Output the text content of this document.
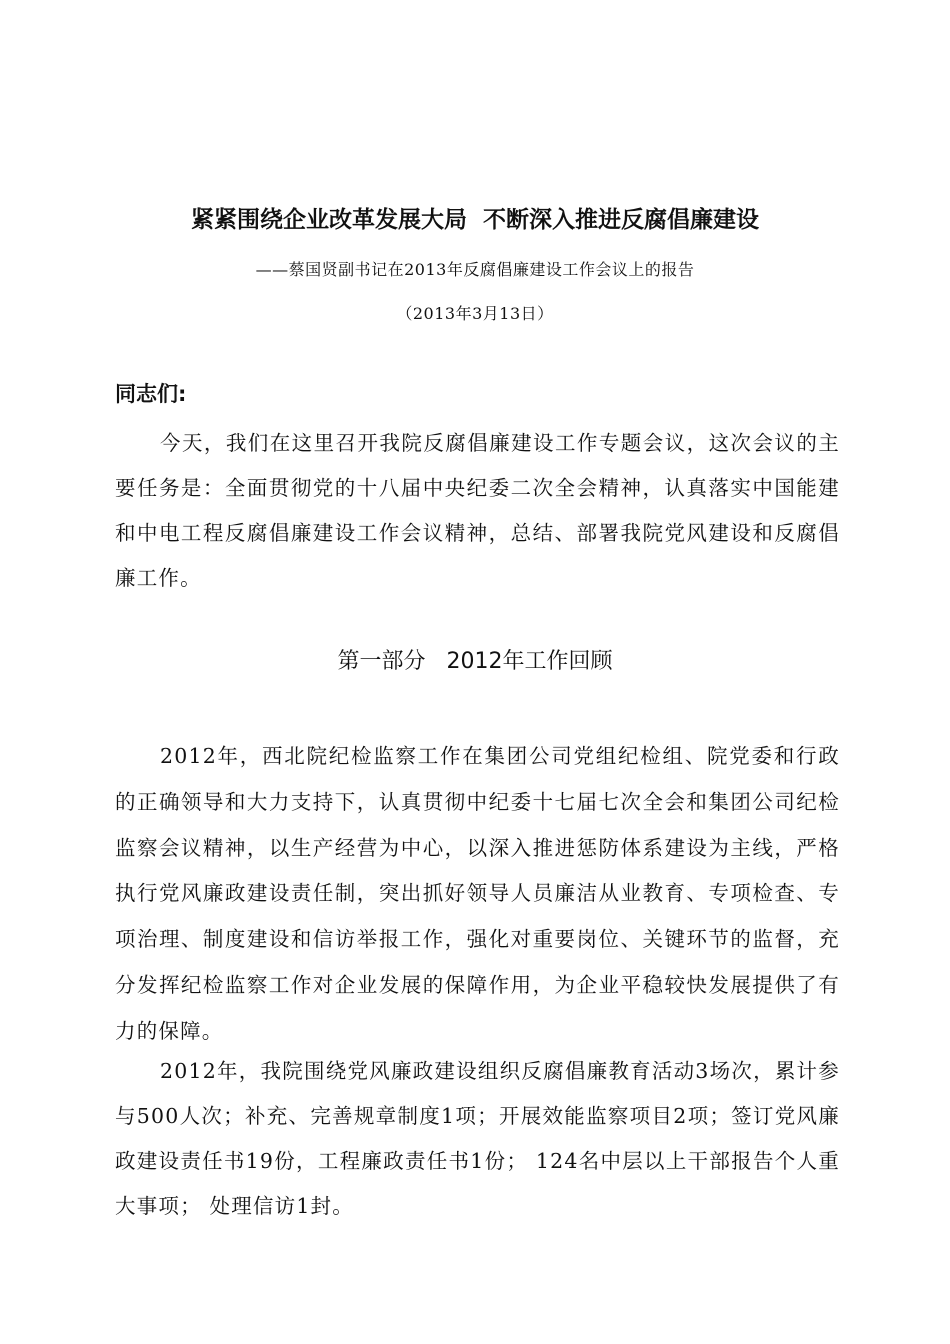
紧紧围绕企业改革发展大局  不断深入推进反腐倡廉建设
——蔡国贤副书记在2013年反腐倡廉建设工作会议上的报告
（2013年3月13日）
同志们:

今天，我们在这里召开我院反腐倡廉建设工作专题会议，这次会议的主要任务是：全面贯彻党的十八届中央纪委二次全会精神，认真落实中国能建和中电工程反腐倡廉建设工作会议精神，总结、部署我院党风建设和反腐倡廉工作。

第一部分   2012年工作回顾

2012年，西北院纪检监察工作在集团公司党组纪检组、院党委和行政的正确领导和大力支持下，认真贯彻中纪委十七届七次全会和集团公司纪检监察会议精神，以生产经营为中心，以深入推进惩防体系建设为主线，严格执行党风廉政建设责任制，突出抓好领导人员廉洁从业教育、专项检查、专项治理、制度建设和信访举报工作，强化对重要岗位、关键环节的监督，充分发挥纪检监察工作对企业发展的保障作用，为企业平稳较快发展提供了有力的保障。

2012年，我院围绕党风廉政建设组织反腐倡廉教育活动3场次，累计参与500人次；补充、完善规章制度1项；开展效能监察项目2项；签订党风廉政建设责任书19份，工程廉政责任书1份； 124名中层以上干部报告个人重大事项； 处理信访1封。
